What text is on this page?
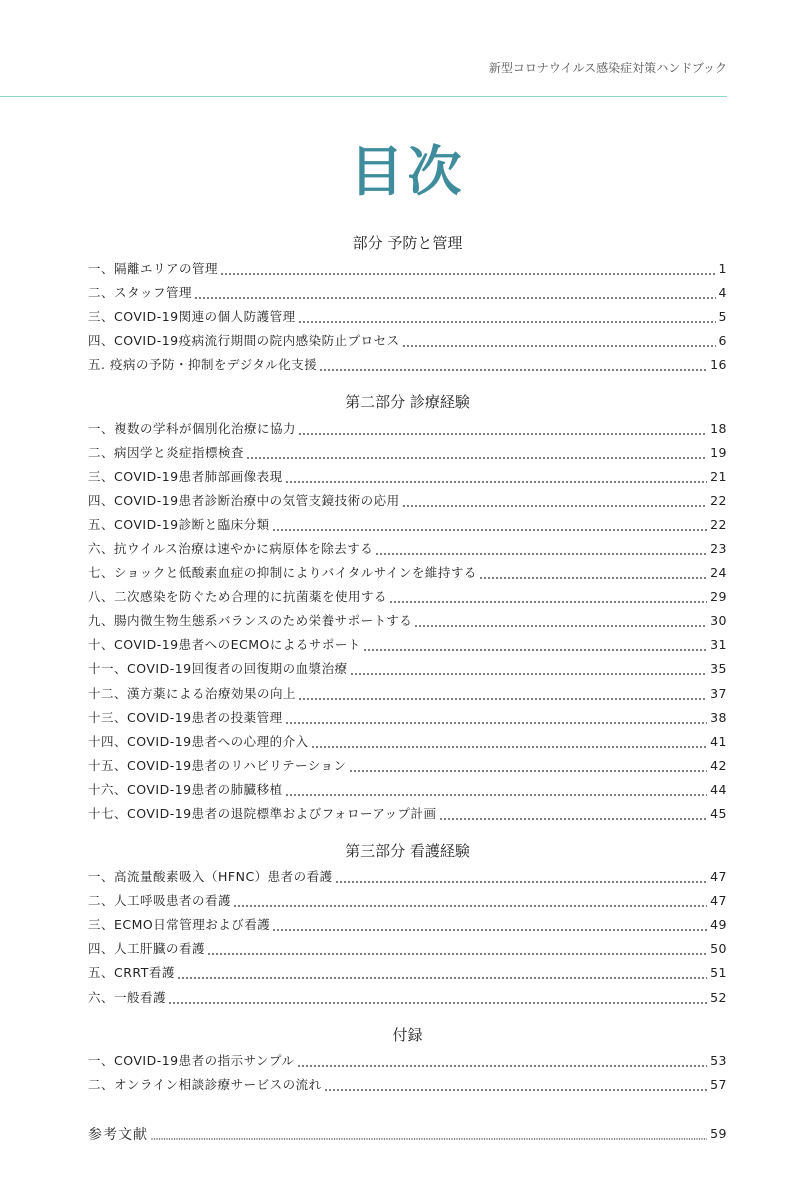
新型コロナウイルス感染症対策ハンドブック
目次
部分 予防と管理
一、隔離エリアの管理	1
二、スタッフ管理	4
三、COVID-19関連の個人防護管理	5
四、COVID-19疫病流行期間の院内感染防止プロセス	6
五. 疫病の予防・抑制をデジタル化支援	16
第二部分 診療経験
一、複数の学科が個別化治療に協力	18
二、病因学と炎症指標検査	19
三、COVID-19患者肺部画像表現	21
四、COVID-19患者診断治療中の気管支鏡技術の応用	22
五、COVID-19診断と臨床分類	22
六、抗ウイルス治療は速やかに病原体を除去する	23
七、ショックと低酸素血症の抑制によりバイタルサインを維持する	24
八、二次感染を防ぐため合理的に抗菌薬を使用する	29
九、腸内微生物生態系バランスのため栄養サポートする	30
十、COVID-19患者へのECMOによるサポート	31
十一、COVID-19回復者の回復期の血漿治療	35
十二、漢方薬による治療効果の向上	37
十三、COVID-19患者の投薬管理	38
十四、COVID-19患者への心理的介入	41
十五、COVID-19患者のリハビリテーション	42
十六、COVID-19患者の肺臓移植	44
十七、COVID-19患者の退院標準およびフォローアップ計画	45
第三部分 看護経験
一、高流量酸素吸入（HFNC）患者の看護	47
二、人工呼吸患者の看護	47
三、ECMO日常管理および看護	49
四、人工肝臓の看護	50
五、CRRT看護	51
六、一般看護	52
付録
一、COVID-19患者の指示サンプル	53
二、オンライン相談診療サービスの流れ	57
参考文献	59
